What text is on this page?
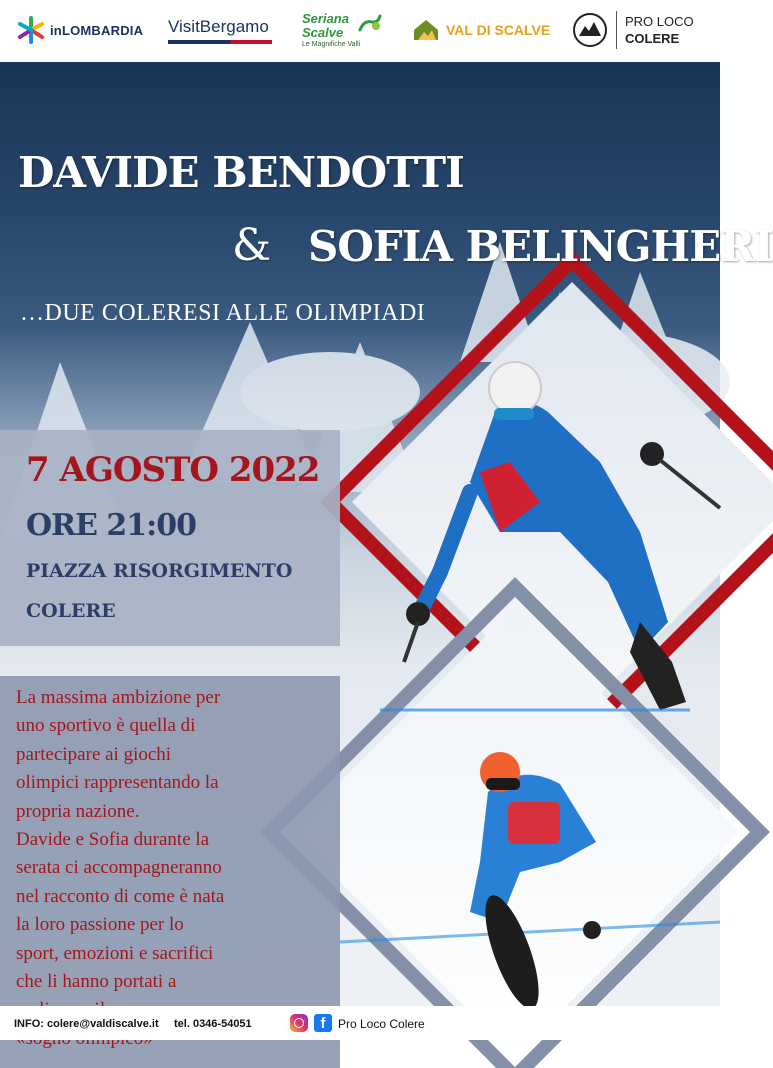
inLOMBARDIA VisitBergamo	Seriana
Scalve
Le Magnifiche Valli
VAL DI SCALVE
PRO LOCO
COLERE
DAVIDE BENDOTTI
& SOFIA BELINGHERI
…DUE COLERESI ALLE OLIMPIADI
7 AGOSTO 2022
ORE 21:00
PIAZZA RISORGIMENTO
COLERE

La massima ambizione per
uno sportivo è quella di
partecipare ai giochi
olimpici rappresentando la
propria nazione.
Davide e Sofia durante la
serata ci accompagneranno
nel racconto di come è nata
la loro passione per lo
sport, emozioni e sacrifici
che li hanno portati a

INFO: colere@valdiscalve.it tel. 0346-54051	f	Pro Loco Colere
